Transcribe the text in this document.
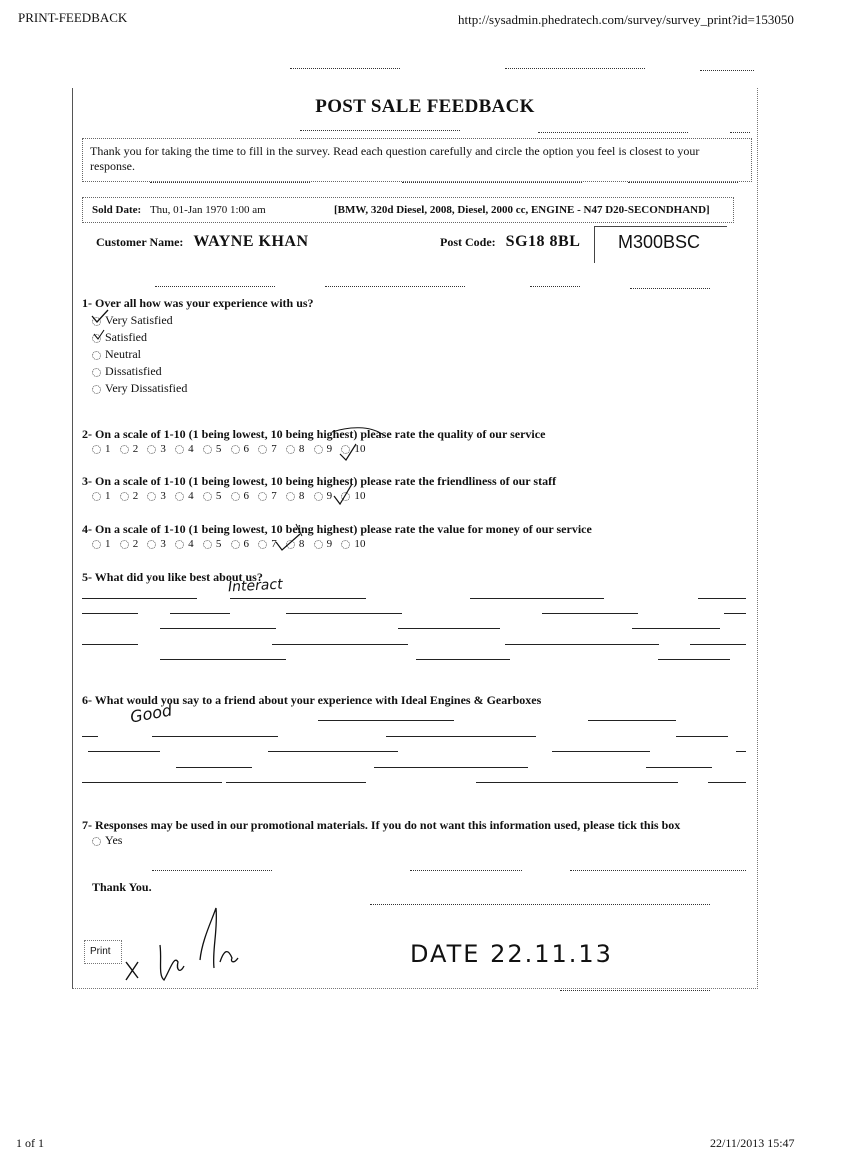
PRINT-FEEDBACK	http://sysadmin.phedratech.com/survey/survey_print?id=153050
POST SALE FEEDBACK
Thank you for taking the time to fill in the survey. Read each question carefully and circle the option you feel is closest to your response.
Sold Date: Thu, 01-Jan 1970 1:00 am	[BMW, 320d Diesel, 2008, Diesel, 2000 cc, ENGINE - N47 D20-SECONDHAND]
Customer Name: WAYNE KHAN	Post Code: SG18 8BL M300BSC
1- Over all how was your experience with us?
Very Satisfied
Satisfied
Neutral
Dissatisfied
Very Dissatisfied
2- On a scale of 1-10 (1 being lowest, 10 being highest) please rate the quality of our service
1 2 3 4 5 6 7 8 9 10
3- On a scale of 1-10 (1 being lowest, 10 being highest) please rate the friendliness of our staff
1 2 3 4 5 6 7 8 9 10
4- On a scale of 1-10 (1 being lowest, 10 being highest) please rate the value for money of our service
1 2 3 4 5 6 7 8 9 10
5- What did you like best about us?
Interact
6- What would you say to a friend about your experience with Ideal Engines & Gearboxes
Good
7- Responses may be used in our promotional materials. If you do not want this information used, please tick this box
Yes
Thank You.
Print	DATE 22.11.13
1 of 1	22/11/2013 15:47
